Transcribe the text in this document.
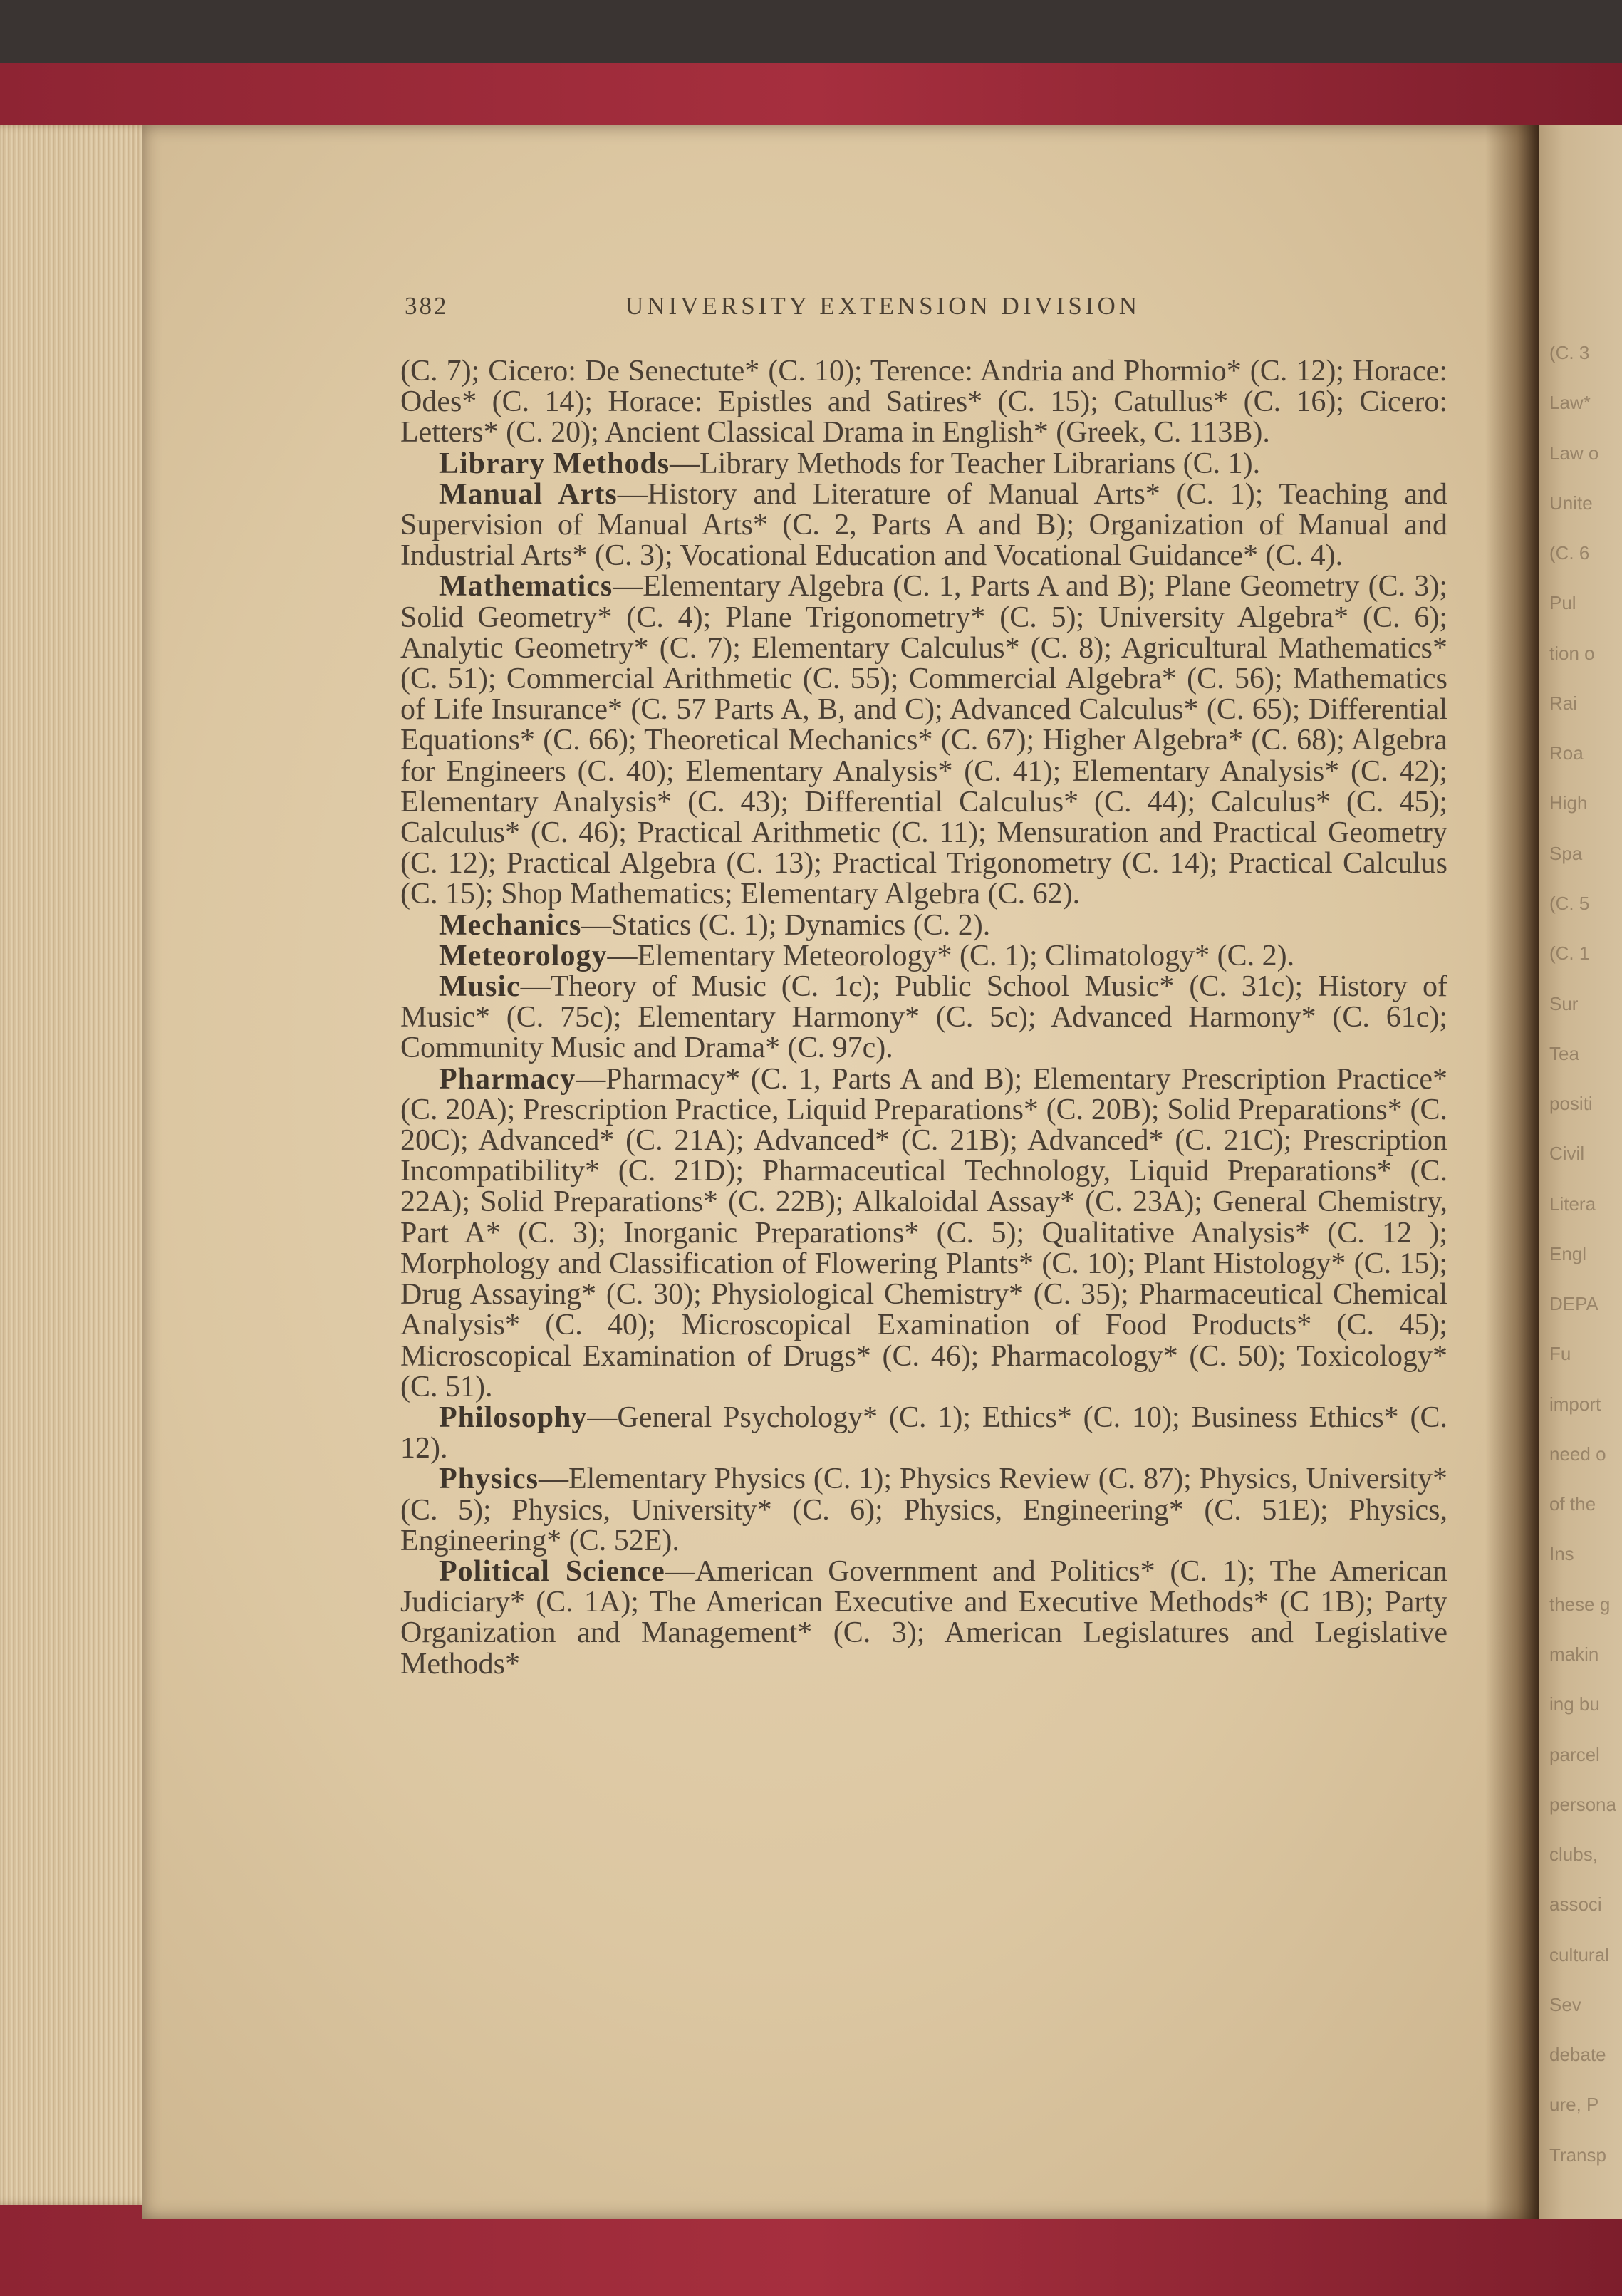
(C. 3
Law*
Law o
Unite
(C. 6
Pul
tion o
Rai
Roa
High
Spa
(C. 5
(C. 1
Sur
Tea
positi
Civil
Litera
Engl
DEPA
Fu
import
need o
of the
Ins
these g
makin
ing bu
parcel
persona
clubs,
associ
cultural
Sev
debate
ure, P
Transp
382	UNIVERSITY EXTENSION DIVISION

(C. 7); Cicero: De Senectute* (C. 10); Terence: Andria and Phormio* (C. 12); Horace: Odes* (C. 14); Horace: Epistles and Satires* (C. 15); Catullus* (C. 16); Cicero: Letters* (C. 20); Ancient Classical Drama in English* (Greek, C. 113B).

Library Methods—Library Methods for Teacher Librarians (C. 1).

Manual Arts—History and Literature of Manual Arts* (C. 1); Teaching and Supervision of Manual Arts* (C. 2, Parts A and B); Organization of Manual and Industrial Arts* (C. 3); Vocational Education and Vocational Guidance* (C. 4).

Mathematics—Elementary Algebra (C. 1, Parts A and B); Plane Geometry (C. 3); Solid Geometry* (C. 4); Plane Trigonometry* (C. 5); University Algebra* (C. 6); Analytic Geometry* (C. 7); Elementary Calculus* (C. 8); Agricultural Mathematics* (C. 51); Commercial Arithmetic (C. 55); Commercial Algebra* (C. 56); Mathematics of Life Insurance* (C. 57 Parts A, B, and C); Advanced Calculus* (C. 65); Differential Equations* (C. 66); Theoretical Mechanics* (C. 67); Higher Algebra* (C. 68); Algebra for Engineers (C. 40); Elementary Analysis* (C. 41); Elementary Analysis* (C. 42); Elementary Analysis* (C. 43); Differential Calculus* (C. 44); Calculus* (C. 45); Calculus* (C. 46); Practical Arithmetic (C. 11); Mensuration and Practical Geometry (C. 12); Practical Algebra (C. 13); Practical Trigonometry (C. 14); Practical Calculus (C. 15); Shop Mathematics; Elementary Algebra (C. 62).

Mechanics—Statics (C. 1); Dynamics (C. 2).

Meteorology—Elementary Meteorology* (C. 1); Climatology* (C. 2).

Music—Theory of Music (C. 1c); Public School Music* (C. 31c); History of Music* (C. 75c); Elementary Harmony* (C. 5c); Advanced Harmony* (C. 61c); Community Music and Drama* (C. 97c).

Pharmacy—Pharmacy* (C. 1, Parts A and B); Elementary Prescription Practice* (C. 20A); Prescription Practice, Liquid Preparations* (C. 20B); Solid Preparations* (C. 20C); Advanced* (C. 21A); Advanced* (C. 21B); Advanced* (C. 21C); Prescription Incompatibility* (C. 21D); Pharmaceutical Technology, Liquid Preparations* (C. 22A); Solid Preparations* (C. 22B); Alkaloidal Assay* (C. 23A); General Chemistry, Part A* (C. 3); Inorganic Preparations* (C. 5); Qualitative Analysis* (C. 12 ); Morphology and Classification of Flowering Plants* (C. 10); Plant Histology* (C. 15); Drug Assaying* (C. 30); Physiological Chemistry* (C. 35); Pharmaceutical Chemical Analysis* (C. 40); Microscopical Examination of Food Products* (C. 45); Microscopical Examination of Drugs* (C. 46); Pharmacology* (C. 50); Toxicology* (C. 51).

Philosophy—General Psychology* (C. 1); Ethics* (C. 10); Business Ethics* (C. 12).

Physics—Elementary Physics (C. 1); Physics Review (C. 87); Physics, University* (C. 5); Physics, University* (C. 6); Physics, Engineering* (C. 51E); Physics, Engineering* (C. 52E).

Political Science—American Government and Politics* (C. 1); The American Judiciary* (C. 1A); The American Executive and Executive Methods* (C 1B); Party Organization and Management* (C. 3); American Legislatures and Legislative Methods*
